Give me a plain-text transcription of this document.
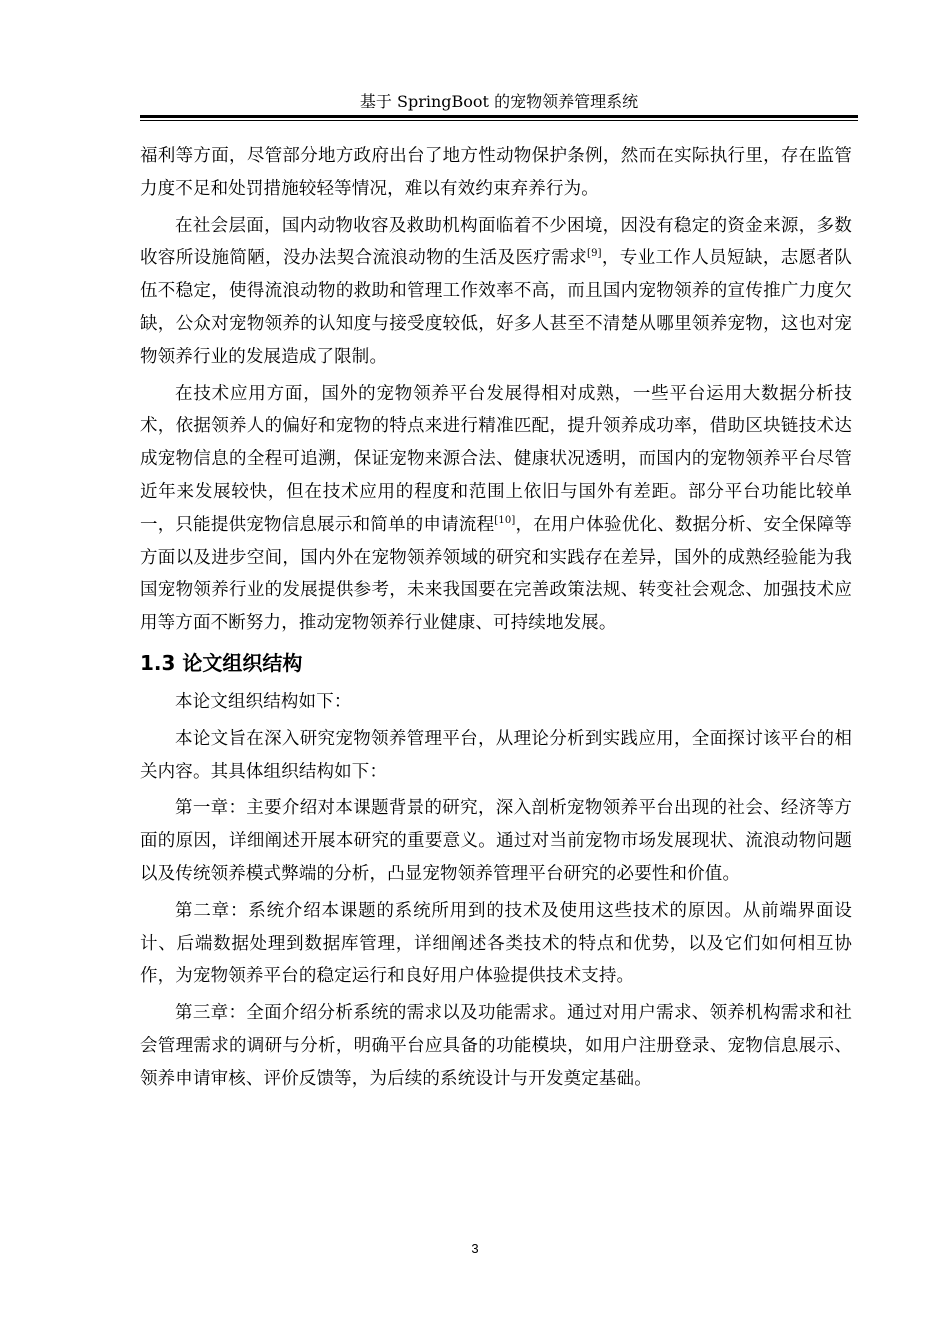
基于 SpringBoot 的宠物领养管理系统

福利等方面，尽管部分地方政府出台了地方性动物保护条例，然而在实际执行里，存在监管力度不足和处罚措施较轻等情况，难以有效约束弃养行为。

在社会层面，国内动物收容及救助机构面临着不少困境，因没有稳定的资金来源，多数收容所设施简陋，没办法契合流浪动物的生活及医疗需求[9]，专业工作人员短缺，志愿者队伍不稳定，使得流浪动物的救助和管理工作效率不高，而且国内宠物领养的宣传推广力度欠缺，公众对宠物领养的认知度与接受度较低，好多人甚至不清楚从哪里领养宠物，这也对宠物领养行业的发展造成了限制。

在技术应用方面，国外的宠物领养平台发展得相对成熟，一些平台运用大数据分析技术，依据领养人的偏好和宠物的特点来进行精准匹配，提升领养成功率，借助区块链技术达成宠物信息的全程可追溯，保证宠物来源合法、健康状况透明，而国内的宠物领养平台尽管近年来发展较快，但在技术应用的程度和范围上依旧与国外有差距。部分平台功能比较单一，只能提供宠物信息展示和简单的申请流程[10]，在用户体验优化、数据分析、安全保障等方面以及进步空间，国内外在宠物领养领域的研究和实践存在差异，国外的成熟经验能为我国宠物领养行业的发展提供参考，未来我国要在完善政策法规、转变社会观念、加强技术应用等方面不断努力，推动宠物领养行业健康、可持续地发展。

1.3 论文组织结构

本论文组织结构如下：

本论文旨在深入研究宠物领养管理平台，从理论分析到实践应用，全面探讨该平台的相关内容。其具体组织结构如下：

第一章：主要介绍对本课题背景的研究，深入剖析宠物领养平台出现的社会、经济等方面的原因，详细阐述开展本研究的重要意义。通过对当前宠物市场发展现状、流浪动物问题以及传统领养模式弊端的分析，凸显宠物领养管理平台研究的必要性和价值。

第二章：系统介绍本课题的系统所用到的技术及使用这些技术的原因。从前端界面设计、后端数据处理到数据库管理，详细阐述各类技术的特点和优势，以及它们如何相互协作，为宠物领养平台的稳定运行和良好用户体验提供技术支持。

第三章：全面介绍分析系统的需求以及功能需求。通过对用户需求、领养机构需求和社会管理需求的调研与分析，明确平台应具备的功能模块，如用户注册登录、宠物信息展示、领养申请审核、评价反馈等，为后续的系统设计与开发奠定基础。

3
